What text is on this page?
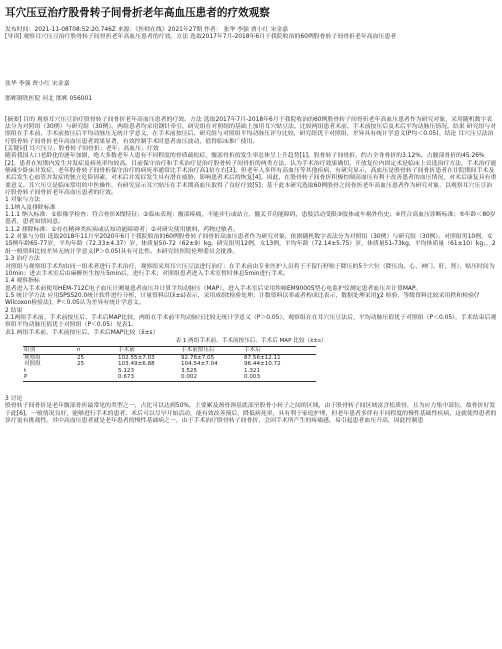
耳穴压豆治疗股骨转子间骨折老年高血压患者的疗效观察

发布时间：2021-11-08T08:52:20.746Z 来源：《医师在线》2021年27期 作者： 张华 李强 贾小红 宋金嘉

[导读] 观察耳穴压豆治疗股骨转子间骨折老年高血压患者的疗效。方法 选取2017年7月-2018年6月于我院收治的60例股骨转子间骨折老年高血压患者

张华 李强 贾小红 宋金嘉

邯郸钢铁医院 河北 邯郸 056001

[摘要] 目的 观察耳穴压豆治疗股骨转子间骨折老年高血压患者的疗效。方法 选取2017年7月-2018年6月于我院收治的60例股骨转子间骨折老年高血压患者作为研究对象，采用随机数字表法分为对照组（30例）与研究组（30例）。两组患者均采用钢针牵引，研究组在对照组的基础上加用耳穴贴豆法。比较两组患者术前、手术前按压后及术后平均动脉压情况。结果 研究组与对照组在手术前、手术前按压后平均动脉压无统计学意义，在手术前按压后，研究组与对照组平均动脉压评分比较，研究组优于对照组，差异具有统计学意义(P均＜0.05)。结论 耳穴压豆法治疗股骨转子间骨折老年高血压患者效果显著，有效控制手术时患者血压波动，值得临床推广使用。

[关键词] 耳穴压豆；股骨转子间骨折；老年；高血压；疗效

随着我国人口老龄化的逐年加剧，绝大多数老年人患有不同程度的骨质疏松症，髋部骨折的发生率总体呈上升趋势[1]。股骨转子间骨折，约占全身骨折的3.12%，占髋部骨折的45.26%[2]。患者在短期内发生并发症及病死率均较高。目前保守治疗和手术治疗是治疗股骨转子间骨折的两类方法，认为手术治疗效果确切，开放复位内固定术是临床上首选治疗方法，手术治疗能够减少卧床并发症，老年股骨转子间骨折保守治疗的病死率通常比手术治疗高1倍左右[3]。但老年人多伴有高血压等其他疾病，有研究显示，高血压是股骨转子间骨折患者在住院期间手术及术后发生心血管并发症的独立危险因素，对术后并发症发生具有潜在威胁，影响患者术后的恢复[4]。因此，在股骨转子间骨折积极控制高血压有利于改善患者的血压情况，对术后康复具有重要意义。耳穴压豆是临床常用的中医操作，有研究显示耳穴贴压在手术期高血压取得了良好疗效[5]；基于此本研究选取60例股骨之间骨折老年高血压患者作为研究对象，以观察耳穴压豆治疗股骨转子间骨折老年高血压患者的疗效。

1 对象与方法

1.1纳入及排除标准

1.1.1 纳入标准：①影像学检查：符合骨折X线特征；②临床表现：髋部疼痛，不能步行或站立，髋关节功能障碍，患肢活动受限③肢体或车祸外伤史；④符合高血压诊断标准；⑤年龄＜80岁患者，患者知情同意。

1.1.2 排除标准：①存在精神类疾病或认知功能障碍者；②对研究使用敏料、药物过敏者。

1.2 对象与分组 选取2018年11月至2020年6月于我院收治的60例股骨转子间骨折高血压患者作为研究对象，依据随机数字表法分为对照组（30例）与研究组（30例）。对照组男10例，女15例年龄65-77岁，平均年龄（72.33±4.37）岁，体质量50-72（62±9）kg。研究组男12例，女13例，平均年龄（72.14±5.75）岁，体质量51-73kg，平均体质量（61±10）kg；，2组一般资料比较差异无统计学意义(P＞0.05)具有可比性。本研究经医院伦理委员会批准。

1.3 治疗方法

对照组与观察组手术均由同一组术者进行手术治疗，观察组采用耳穴压豆法进行治疗：在手术前由专业医护人员将王不留行籽贴于降压的5个穴位（降压沟、心、神门、肝、肾），贴压时间为10min；进去手术室后由麻醉医生按压5min后，进行手术；对照组患者进入手术室暂时休息5min进行手术。

1.4 观察指标

患者进入手术前使用HEM-712C电子血压计测量患者血压并计算平均动脉压（MAP），进入手术室后采用埃顿EM9000S型心电监护仪测定患者血压并计算MAP。

1.5 统计学方法 应用SPSS20.0统计软件进行分析，计量资料以(x̄±s)表示，采用成组t检验处理；计数资料以率或者构成比表示，数据处理采用χ2 检验，等级资料比较采用秩和检验(?Wilcoxon检验法)，P＜0.05认为差异有统计学意义。

2 结果

2.1两组手术前、手术前按压后、手术后MAP比较，两组在手术前平均动脉压比较无统计学意义（P＞0.05），观察组在在耳穴压豆法后，平均动脉压值优于对照组（P＜0.05），手术结束后观察组平均动脉压值优于对照组（P＜0.05）见表1。

表1 两组手术前、手术前按压后、手术后MAP比较（x̄±s）

表 1 两组手术前、手术前按压后、手术后 MAP 比较（x̄±s）

组别	n	手术前	手术前按压后	手术后
观察组	25	102.55±7.03	92.76±7.05	87.56±12.11
对照组	25	103.49±6.88	104.54±7.04	96.44±10.72
t		5.123	3.525	1.321
P		0.673	0.002	0.003

3 讨论

股骨转子间骨折是老年髋部骨折最常见的类型之一，占比可以达到50%，主要累及颈骨颈基底部至股骨小转子之间的区域，由于股骨转子间区域富含松质骨，且为应力集中部位，故骨折好发于此[6]。一般情况良好，能够进行手术的患者，术后可以尽早开始活动，能有效改善预后，降低病死率，具有利于家庭护理，但老年患者多伴有不同程度的慢性基础性疾病，这就使得患者的诊疗更有挑战性。其中高血压患者就是老年患者的慢性基础病之一，由于手术治疗股骨转子间骨折，会因手术所产生的疼痛感，易引起患者血压升高，因此控制患
